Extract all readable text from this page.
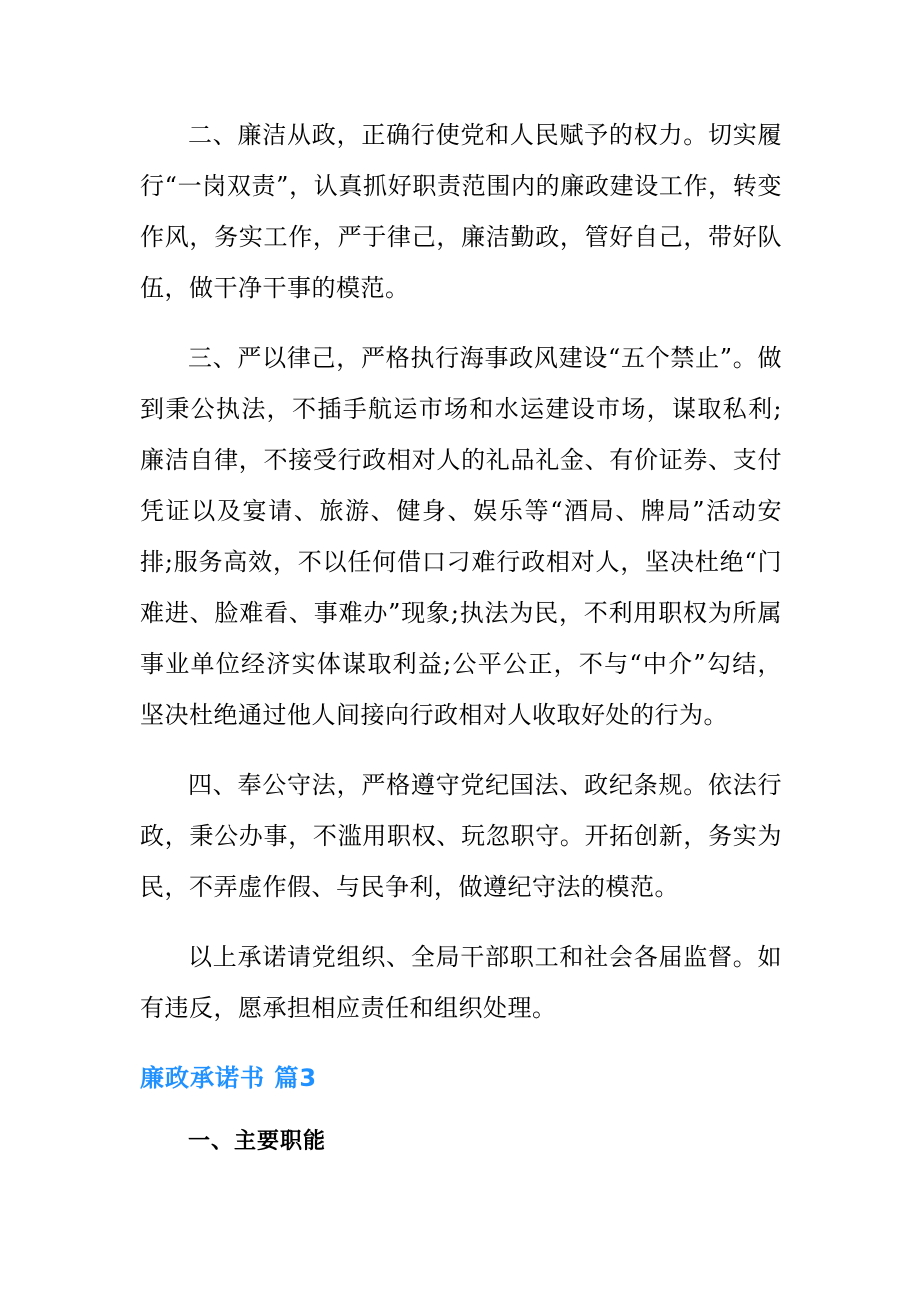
二、廉洁从政，正确行使党和人民赋予的权力。切实履行“一岗双责”，认真抓好职责范围内的廉政建设工作，转变作风，务实工作，严于律己，廉洁勤政，管好自己，带好队伍，做干净干事的模范。

三、严以律己，严格执行海事政风建设“五个禁止”。做到秉公执法，不插手航运市场和水运建设市场，谋取私利;廉洁自律，不接受行政相对人的礼品礼金、有价证券、支付凭证以及宴请、旅游、健身、娱乐等“酒局、牌局”活动安排;服务高效，不以任何借口刁难行政相对人，坚决杜绝“门难进、脸难看、事难办”现象;执法为民，不利用职权为所属事业单位经济实体谋取利益;公平公正，不与“中介”勾结，坚决杜绝通过他人间接向行政相对人收取好处的行为。

四、奉公守法，严格遵守党纪国法、政纪条规。依法行政，秉公办事，不滥用职权、玩忽职守。开拓创新，务实为民，不弄虚作假、与民争利，做遵纪守法的模范。

以上承诺请党组织、全局干部职工和社会各届监督。如有违反，愿承担相应责任和组织处理。

廉政承诺书 篇3
一、主要职能
